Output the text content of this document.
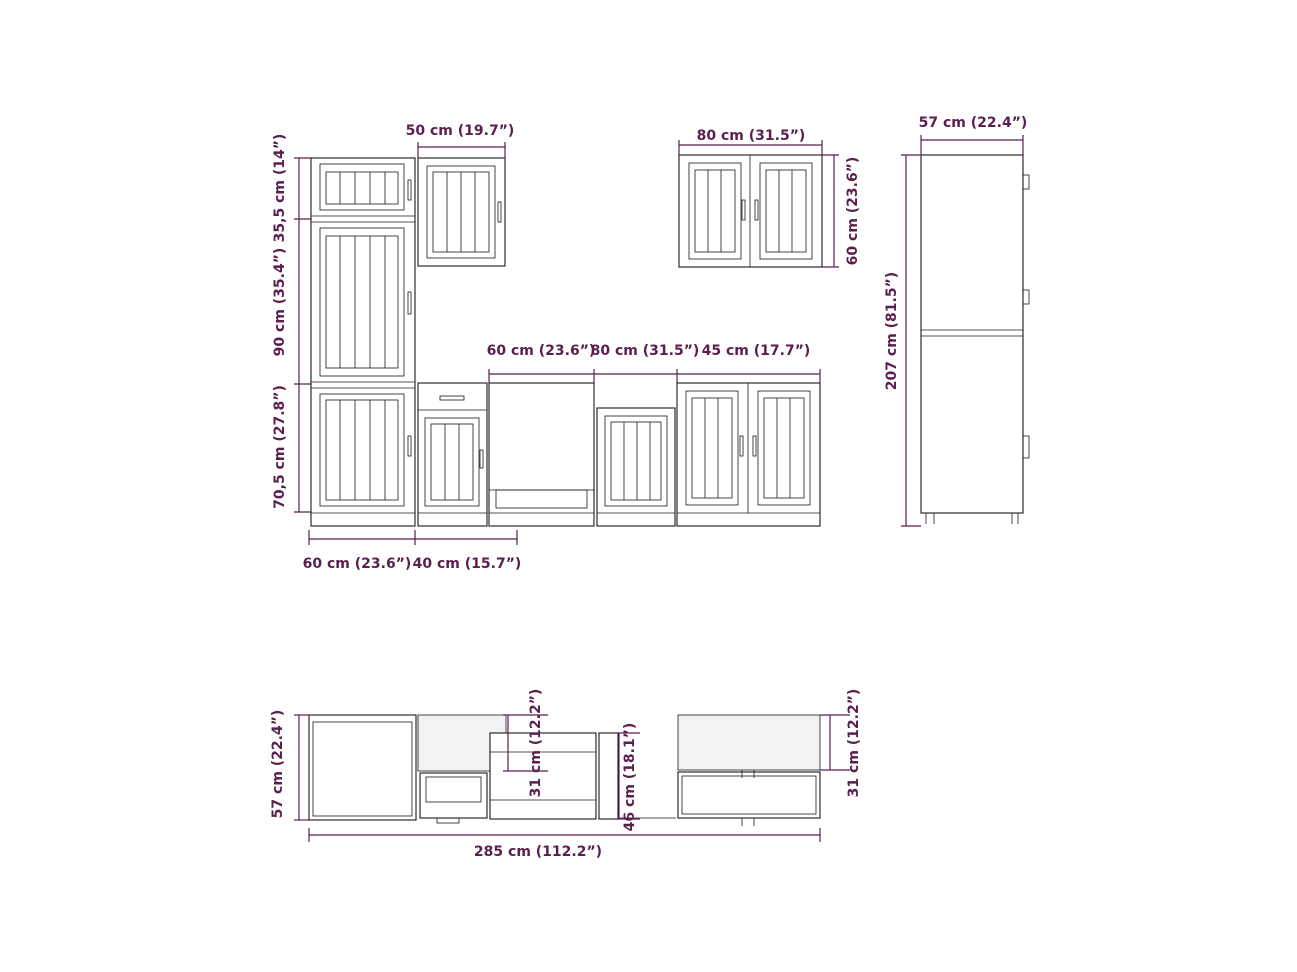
35,5 cm (14”)
90 cm (35.4”)
70,5 cm (27.8”)
50 cm (19.7”)	80 cm (31.5”)
60 cm (23.6”)
57 cm (22.4”)
207 cm (81.5”)
60 cm (23.6”)
80 cm (31.5”) 45 cm (17.7”)
60 cm (23.6”) 40 cm (15.7”)
57 cm (22.4”)	31 cm (12.2”)	46 cm (18.1”)	31 cm (12.2”)
285 cm (112.2”)
